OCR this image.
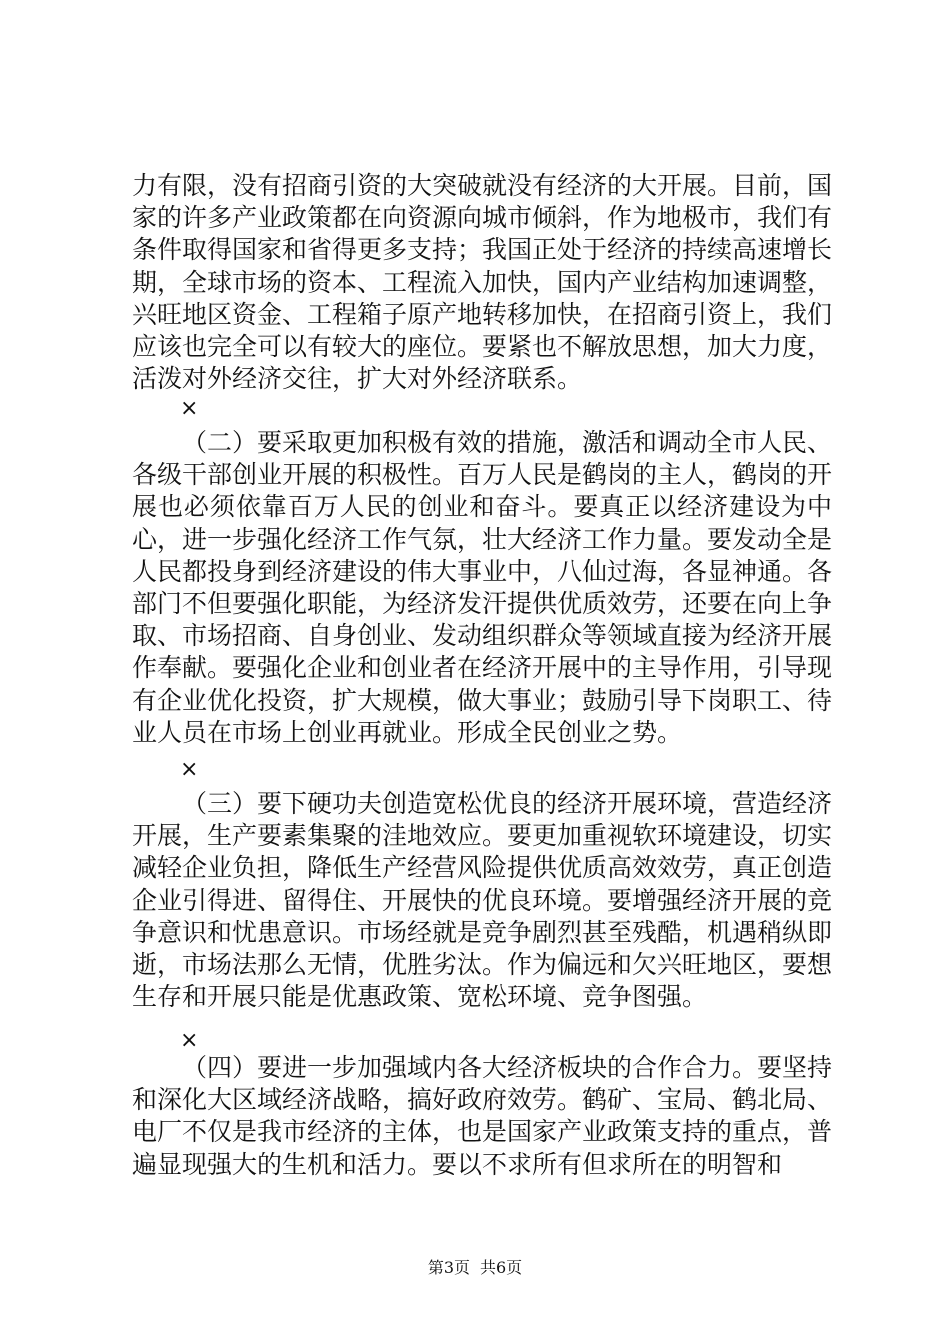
力有限，没有招商引资的大突破就没有经济的大开展。目前，国家的许多产业政策都在向资源向城市倾斜，作为地极市，我们有条件取得国家和省得更多支持；我国正处于经济的持续高速增长期，全球市场的资本、工程流入加快，国内产业结构加速调整，兴旺地区资金、工程箱子原产地转移加快，在招商引资上，我们应该也完全可以有较大的座位。要紧也不解放思想，加大力度，活泼对外经济交往，扩大对外经济联系。

×

（二）要采取更加积极有效的措施，激活和调动全市人民、各级干部创业开展的积极性。百万人民是鹤岗的主人，鹤岗的开展也必须依靠百万人民的创业和奋斗。要真正以经济建设为中心，进一步强化经济工作气氛，壮大经济工作力量。要发动全是人民都投身到经济建设的伟大事业中，八仙过海，各显神通。各部门不但要强化职能，为经济发汗提供优质效劳，还要在向上争取、市场招商、自身创业、发动组织群众等领域直接为经济开展作奉献。要强化企业和创业者在经济开展中的主导作用，引导现有企业优化投资，扩大规模，做大事业；鼓励引导下岗职工、待业人员在市场上创业再就业。形成全民创业之势。

×

（三）要下硬功夫创造宽松优良的经济开展环境，营造经济开展，生产要素集聚的洼地效应。要更加重视软环境建设，切实减轻企业负担，降低生产经营风险提供优质高效效劳，真正创造企业引得进、留得住、开展快的优良环境。要增强经济开展的竞争意识和忧患意识。市场经就是竞争剧烈甚至残酷，机遇稍纵即逝，市场法那么无情，优胜劣汰。作为偏远和欠兴旺地区，要想生存和开展只能是优惠政策、宽松环境、竞争图强。

×

（四）要进一步加强域内各大经济板块的合作合力。要坚持和深化大区域经济战略，搞好政府效劳。鹤矿、宝局、鹤北局、电厂不仅是我市经济的主体，也是国家产业政策支持的重点，普遍显现强大的生机和活力。要以不求所有但求所在的明智和

第3页 共6页
